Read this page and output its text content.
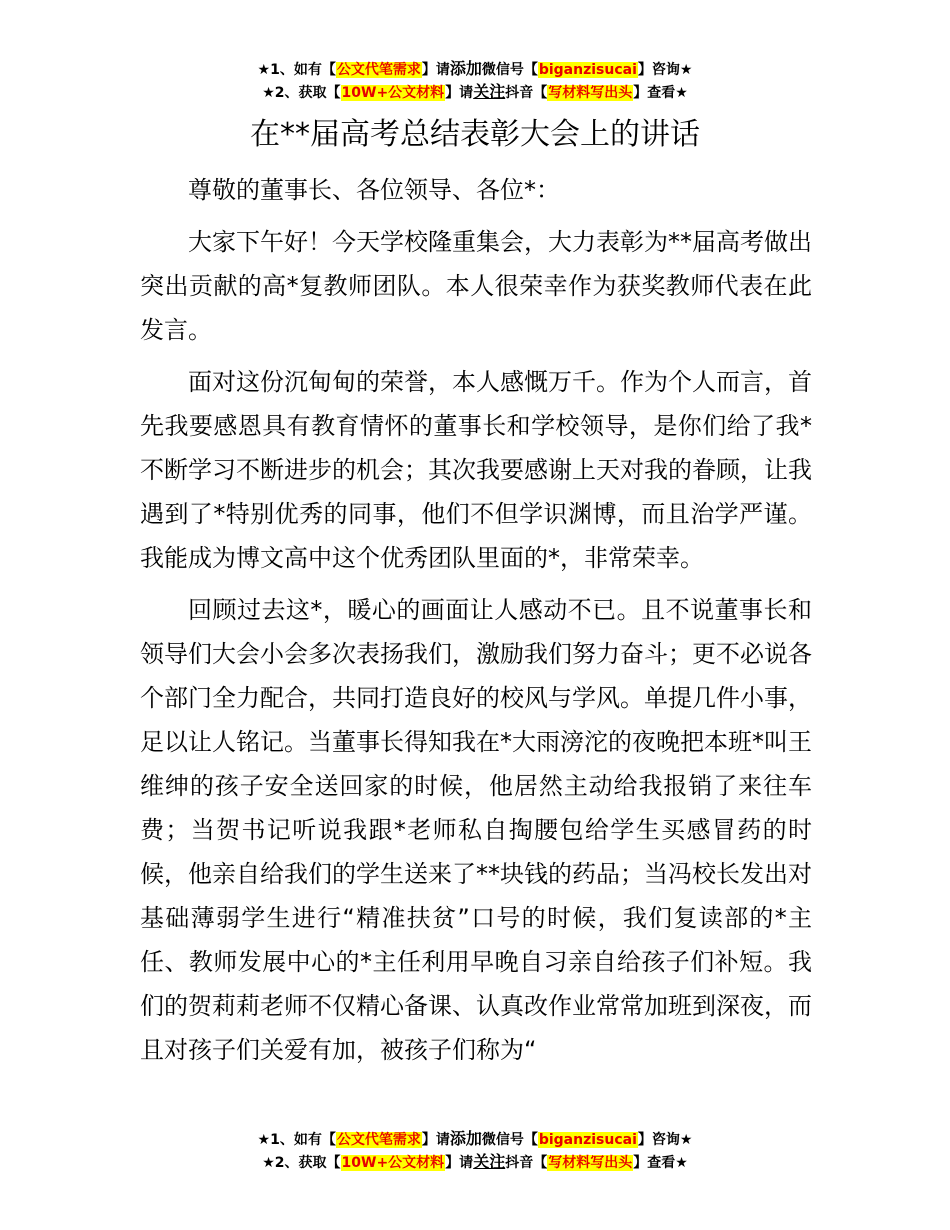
★1、如有【公文代笔需求】请添加微信号【biganzisucai】咨询★
★2、获取【10W+公文材料】请关注抖音【写材料写出头】查看★
在**届高考总结表彰大会上的讲话

尊敬的董事长、各位领导、各位*：

大家下午好！今天学校隆重集会，大力表彰为**届高考做出突出贡献的高*复教师团队。本人很荣幸作为获奖教师代表在此发言。

面对这份沉甸甸的荣誉，本人感慨万千。作为个人而言，首先我要感恩具有教育情怀的董事长和学校领导，是你们给了我*不断学习不断进步的机会；其次我要感谢上天对我的眷顾，让我遇到了*特别优秀的同事，他们不但学识渊博，而且治学严谨。我能成为博文高中这个优秀团队里面的*，非常荣幸。

回顾过去这*，暖心的画面让人感动不已。且不说董事长和领导们大会小会多次表扬我们，激励我们努力奋斗；更不必说各个部门全力配合，共同打造良好的校风与学风。单提几件小事，足以让人铭记。当董事长得知我在*大雨滂沱的夜晚把本班*叫王维绅的孩子安全送回家的时候，他居然主动给我报销了来往车费；当贺书记听说我跟*老师私自掏腰包给学生买感冒药的时候，他亲自给我们的学生送来了**块钱的药品；当冯校长发出对基础薄弱学生进行“精准扶贫”口号的时候，我们复读部的*主任、教师发展中心的*主任利用早晚自习亲自给孩子们补短。我们的贺莉莉老师不仅精心备课、认真改作业常常加班到深夜，而且对孩子们关爱有加，被孩子们称为“

★1、如有【公文代笔需求】请添加微信号【biganzisucai】咨询★
★2、获取【10W+公文材料】请关注抖音【写材料写出头】查看★
